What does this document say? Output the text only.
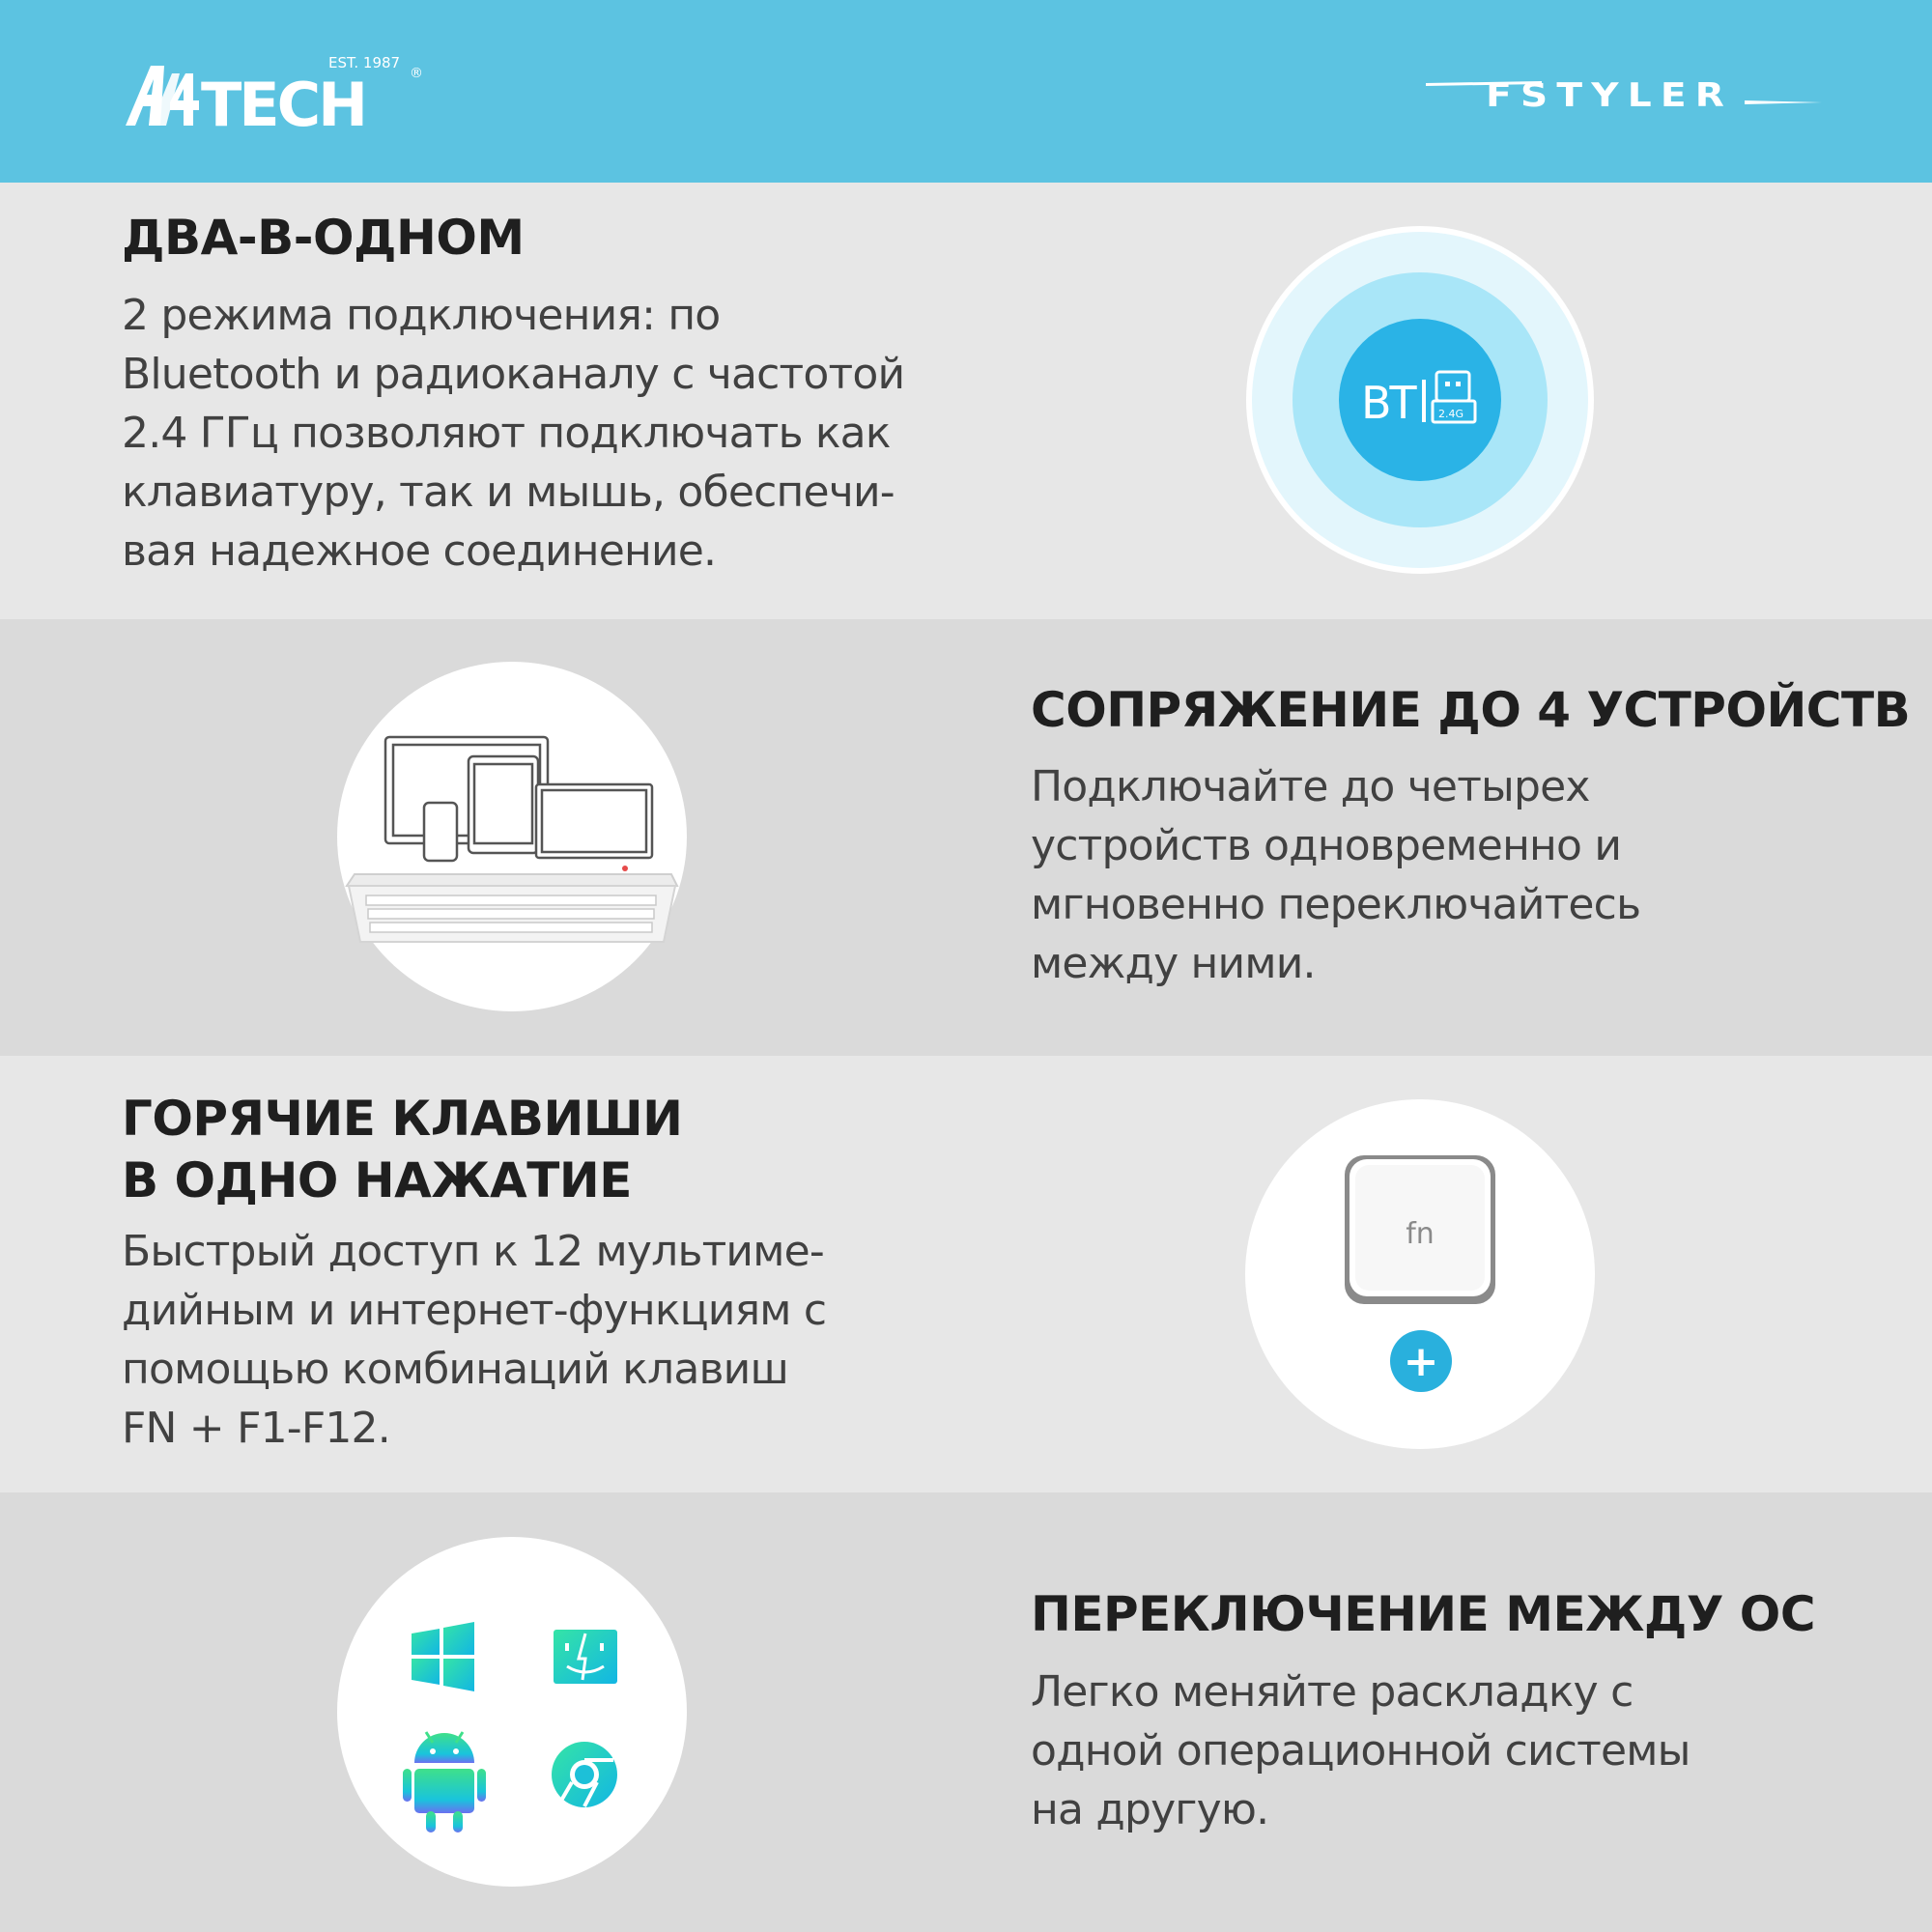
TECH
EST. 1987
®
FSTYLER
ДВА-В-ОДНОМ

2 режима подключения: по
Bluetooth и радиоканалу с частотой
2.4 ГГц позволяют подключать как
клавиатуру, так и мышь, обеспечи-
вая надежное соединение.

BT 2.4G
СОПРЯЖЕНИЕ ДО 4 УСТРОЙСТВ

Подключайте до четырех
устройств одновременно и
мгновенно переключайтесь
между ними.

ГОРЯЧИЕ КЛАВИШИ
В ОДНО НАЖАТИЕ

Быстрый доступ к 12 мультиме-
дийным и интернет-функциям с
помощью комбинаций клавиш
FN + F1-F12.

fn
+
ПЕРЕКЛЮЧЕНИЕ МЕЖДУ ОС

Легко меняйте раскладку с
одной операционной системы
на другую.
